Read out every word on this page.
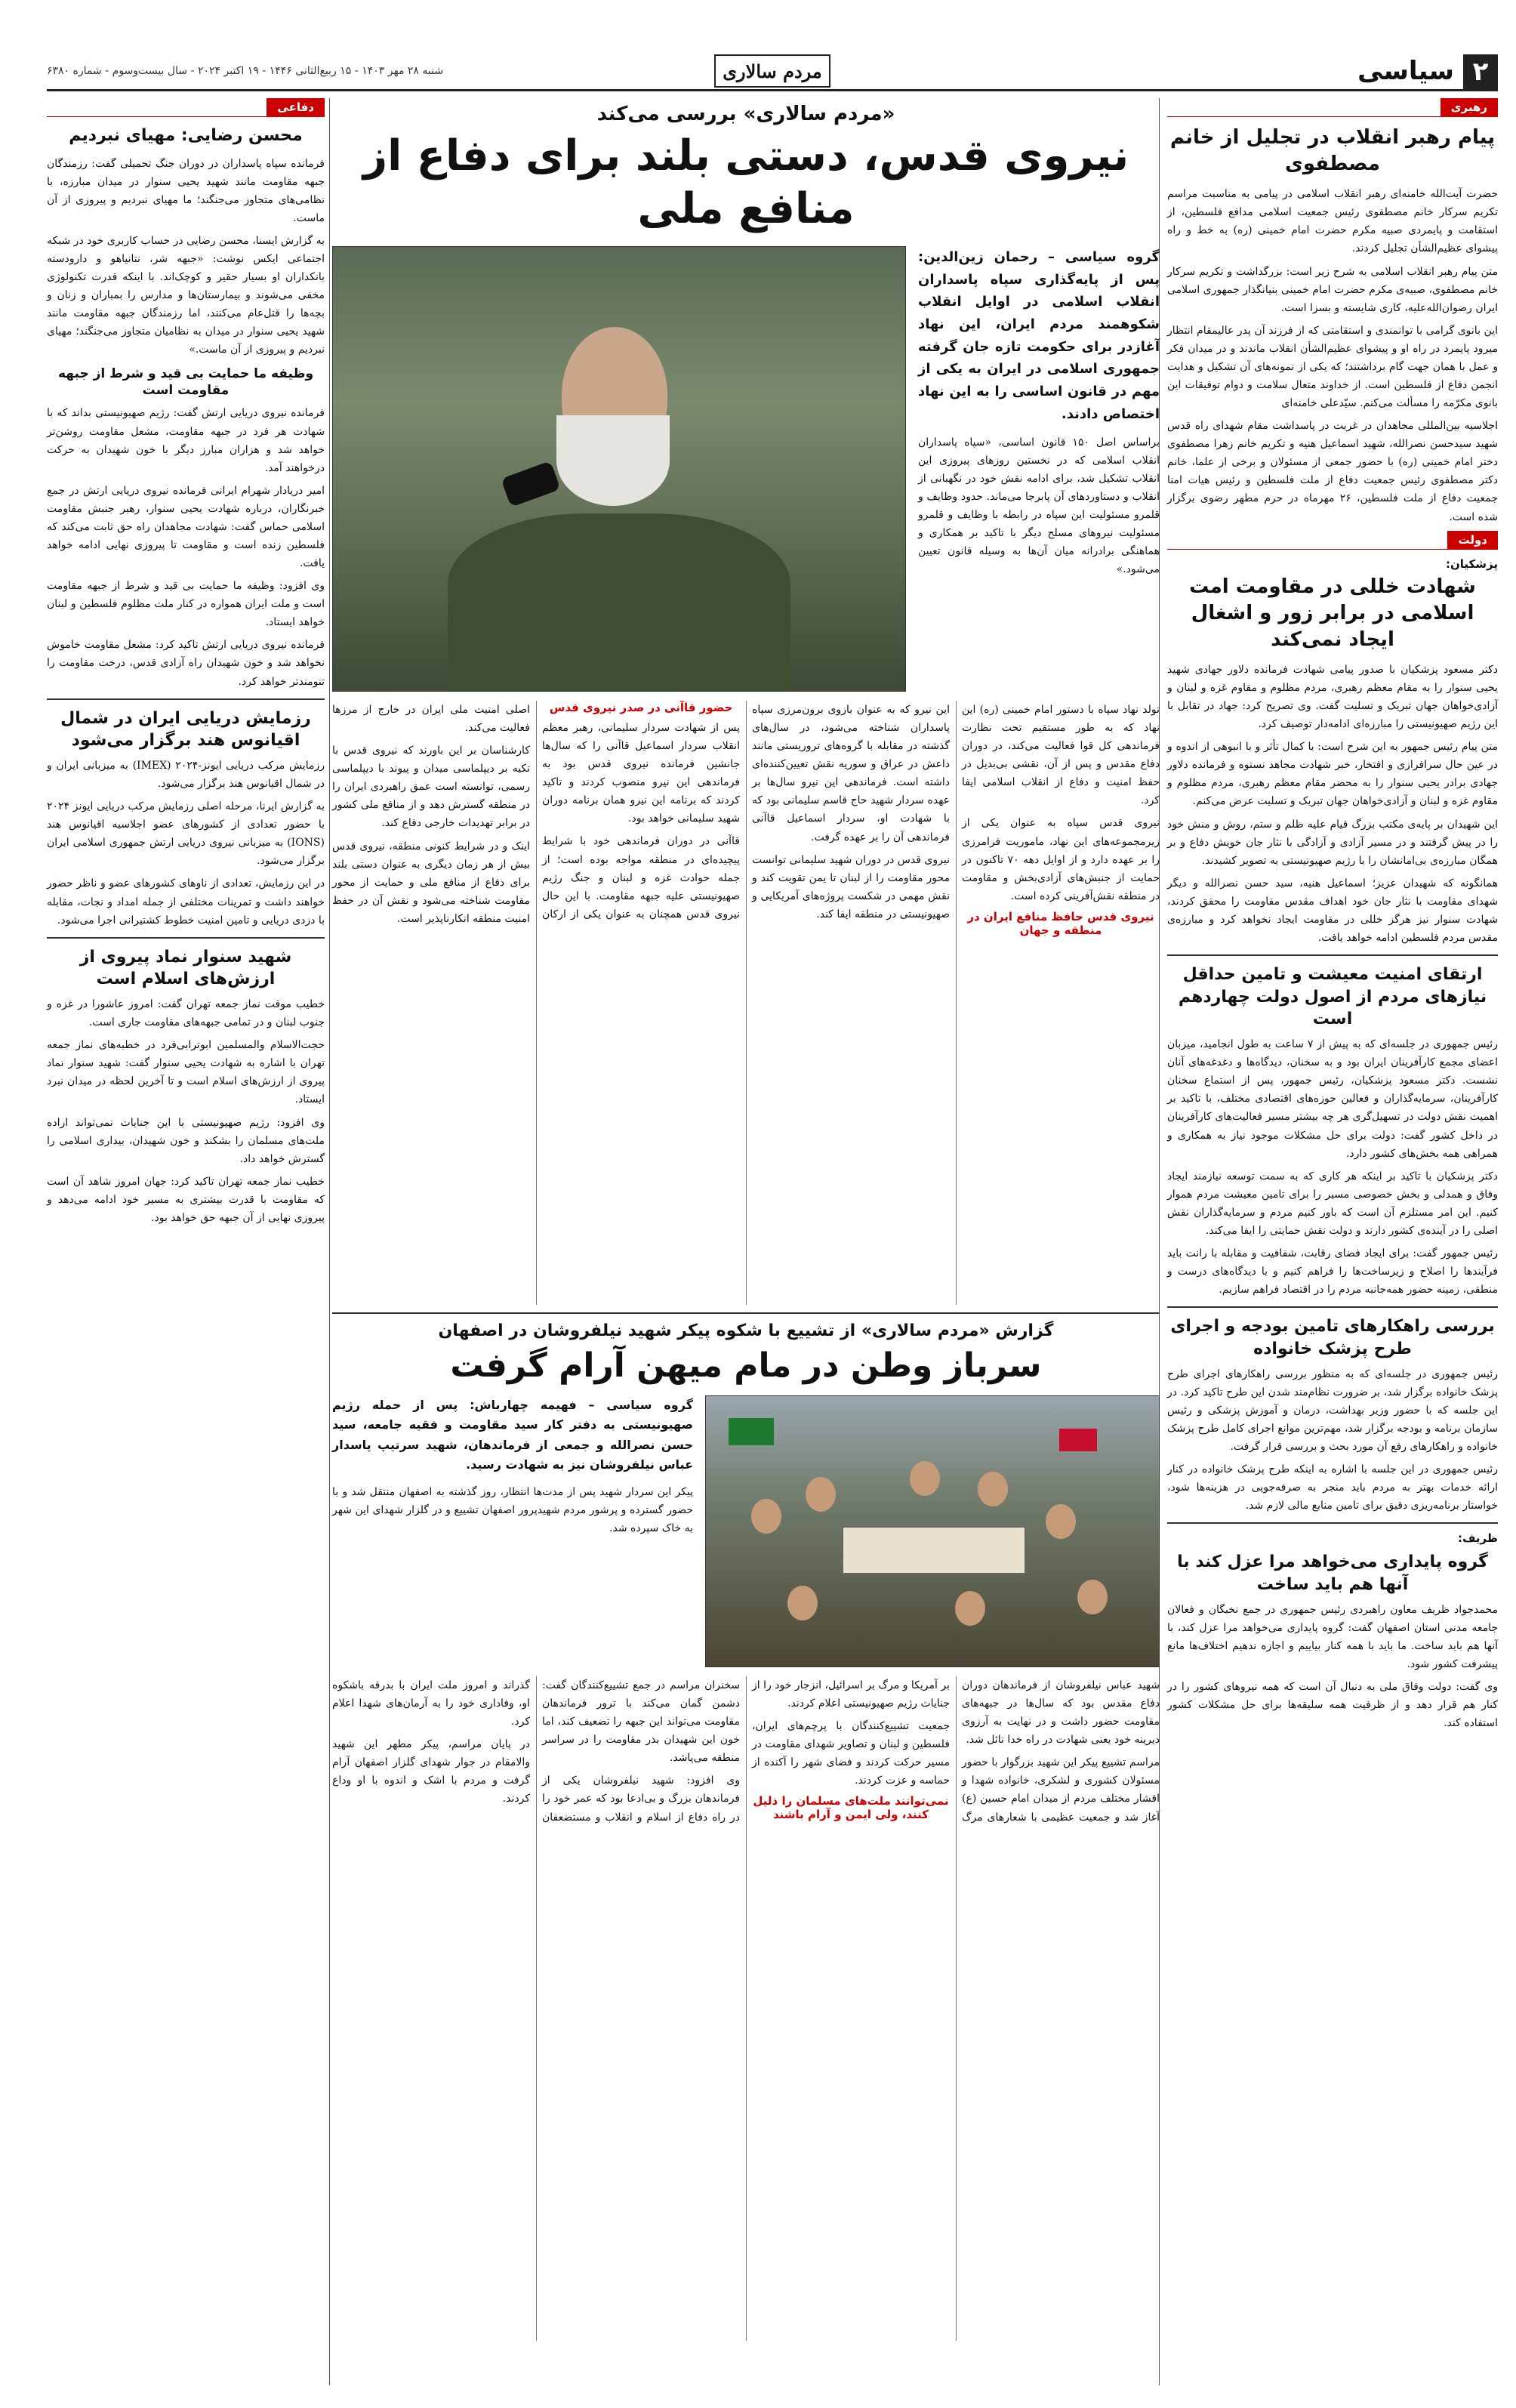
۲
سیاسی
مردم سالاری
شنبه ۲۸ مهر ۱۴۰۳ - ۱۵ ربیع‌الثانی ۱۴۴۶ - ۱۹ اکتبر ۲۰۲۴ - سال بیست‌وسوم - شماره ۶۳۸۰
رهبری
پیام رهبر انقلاب در تجلیل از خانم مصطفوی

حضرت آیت‌الله خامنه‌ای رهبر انقلاب اسلامی در پیامی به مناسبت مراسم تکریم سرکار خانم مصطفوی رئیس جمعیت اسلامی مدافع فلسطین، از استقامت و پایمردی صبیه مکرم حضرت امام خمینی (ره) به خط و راه پیشوای عظیم‌الشأن تجلیل کردند.

متن پیام رهبر انقلاب اسلامی به شرح زیر است: بزرگداشت و تکریم سرکار خانم مصطفوی، صبیه‌ی مکرم حضرت امام خمینی بنیانگذار جمهوری اسلامی ایران رضوان‌الله‌علیه، کاری شایسته و بسزا است.

این بانوی گرامی با توانمندی و استقامتی که از فرزند آن پدر عالیمقام انتظار میرود پایمرد در راه او و پیشوای عظیم‌الشأن انقلاب ماندند و در میدان فکر و عمل با همان جهت گام برداشتند؛ که یکی از نمونه‌های آن تشکیل و هدایت انجمن دفاع از فلسطین است. از خداوند متعال سلامت و دوام توفیقات این بانوی مکرّمه را مسألت می‌کنم. سیّدعلی خامنه‌ای

اجلاسیه بین‌المللی مجاهدان در غربت در پاسداشت مقام شهدای راه قدس شهید سیدحسن نصرالله، شهید اسماعیل هنیه و تکریم خانم زهرا مصطفوی دختر امام خمینی (ره) با حضور جمعی از مسئولان و برخی از علما، خانم دکتر مصطفوی رئیس جمعیت دفاع از ملت فلسطین و رئیس هیات امنا جمعیت دفاع از ملت فلسطین، ۲۶ مهرماه در حرم مطهر رضوی برگزار شده است.

دولت
پزشکیان:
شهادت خللی در مقاومت امت اسلامی در برابر زور و اشغال ایجاد نمی‌کند

دکتر مسعود پزشکیان با صدور پیامی شهادت فرمانده دلاور جهادی شهید یحیی سنوار را به مقام معظم رهبری، مردم مظلوم و مقاوم غزه و لبنان و آزادی‌خواهان جهان تبریک و تسلیت گفت. وی تصریح کرد: جهاد در تقابل با این رژیم صهیونیستی را مبارزه‌ای ادامه‌دار توصیف کرد.

متن پیام رئیس جمهور به این شرح است: با کمال تأثر و با انبوهی از اندوه و در عین حال سرافرازی و افتخار، خبر شهادت مجاهد نستوه و فرمانده دلاور جهادی برادر یحیی سنوار را به محضر مقام معظم رهبری، مردم مظلوم و مقاوم غزه و لبنان و آزادی‌خواهان جهان تبریک و تسلیت عرض می‌کنم.

این شهیدان بر پایه‌ی مکتب بزرگ قیام علیه ظلم و ستم، روش و منش خود را در پیش گرفتند و در مسیر آزادی و آزادگی با نثار جان خویش دفاع و بر همگان مبارزه‌ی بی‌امانشان را با رژیم صهیونیستی به تصویر کشیدند.

همانگونه که شهیدان عزیز؛ اسماعیل هنیه، سید حسن نصرالله و دیگر شهدای مقاومت با نثار جان خود اهداف مقدس مقاومت را محقق کردند، شهادت سنوار نیز هرگز خللی در مقاومت ایجاد نخواهد کرد و مبارزه‌ی مقدس مردم فلسطین ادامه خواهد یافت.

ارتقای امنیت معیشت و تامین حداقل نیازهای مردم از اصول دولت چهاردهم است

رئیس جمهوری در جلسه‌ای که به پیش از ۷ ساعت به طول انجامید، میزبان اعضای مجمع کارآفرینان ایران بود و به سخنان، دیدگاه‌ها و دغدغه‌های آنان نشست. دکتر مسعود پزشکیان، رئیس جمهور، پس از استماع سخنان کارآفرینان، سرمایه‌گذاران و فعالین حوزه‌های اقتصادی مختلف، با تاکید بر اهمیت نقش دولت در تسهیل‌گری هر چه بیشتر مسیر فعالیت‌های کارآفرینان در داخل کشور گفت: دولت برای حل مشکلات موجود نیاز به همکاری و همراهی همه بخش‌های کشور دارد.

دکتر پزشکیان با تاکید بر اینکه هر کاری که به سمت توسعه نیازمند ایجاد وفاق و همدلی و بخش خصوصی مسیر را برای تامین معیشت مردم هموار کنیم. این امر مستلزم آن است که باور کنیم مردم و سرمایه‌گذاران نقش اصلی را در آینده‌ی کشور دارند و دولت نقش حمایتی را ایفا می‌کند.

رئیس جمهور گفت: برای ایجاد فضای رقابت، شفافیت و مقابله با رانت باید فرآیندها را اصلاح و زیرساخت‌ها را فراهم کنیم و با دیدگاه‌های درست و منطقی، زمینه حضور همه‌جانبه مردم را در اقتصاد فراهم سازیم.

بررسی راهکارهای تامین بودجه و اجرای طرح پزشک خانواده

رئیس جمهوری در جلسه‌ای که به منظور بررسی راهکارهای اجرای طرح پزشک خانواده برگزار شد، بر ضرورت نظام‌مند شدن این طرح تاکید کرد. در این جلسه که با حضور وزیر بهداشت، درمان و آموزش پزشکی و رئیس سازمان برنامه و بودجه برگزار شد، مهم‌ترین موانع اجرای کامل طرح پزشک خانواده و راهکارهای رفع آن مورد بحث و بررسی قرار گرفت.

رئیس جمهوری در این جلسه با اشاره به اینکه طرح پزشک خانواده در کنار ارائه خدمات بهتر به مردم باید منجر به صرفه‌جویی در هزینه‌ها شود، خواستار برنامه‌ریزی دقیق برای تامین منابع مالی لازم شد.

ظریف:
گروه پایداری می‌خواهد مرا عزل کند با آنها هم باید ساخت

محمدجواد ظریف معاون راهبردی رئیس جمهوری در جمع نخبگان و فعالان جامعه مدنی استان اصفهان گفت: گروه پایداری می‌خواهد مرا عزل کند، با آنها هم باید ساخت. ما باید با همه کنار بیاییم و اجازه ندهیم اختلاف‌ها مانع پیشرفت کشور شود.

وی گفت: دولت وفاق ملی به دنبال آن است که همه نیروهای کشور را در کنار هم قرار دهد و از ظرفیت همه سلیقه‌ها برای حل مشکلات کشور استفاده کند.

دفاعی
محسن رضایی: مهیای نبردیم

فرمانده سپاه پاسداران در دوران جنگ تحمیلی گفت: رزمندگان جبهه مقاومت مانند شهید یحیی سنوار در میدان مبارزه، با نظامی‌های متجاوز می‌جنگند؛ ما مهیای نبردیم و پیروزی از آن ماست.

به گزارش ایسنا، محسن رضایی در حساب کاربری خود در شبکه اجتماعی ایکس نوشت: «جبهه شر، نتانیاهو و دارودسته بانکداران او بسیار حقیر و کوچک‌اند. با اینکه قدرت تکنولوژی مخفی می‌شوند و بیمارستان‌ها و مدارس را بمباران و زنان و بچه‌ها را قتل‌عام می‌کنند، اما رزمندگان جبهه مقاومت مانند شهید یحیی سنوار در میدان به نظامیان متجاوز می‌جنگند؛ مهیای نبردیم و پیروزی از آن ماست.»

وظیفه ما حمایت بی قید و شرط از جبهه مقاومت است

فرمانده نیروی دریایی ارتش گفت: رژیم صهیونیستی بداند که با شهادت هر فرد در جبهه مقاومت، مشعل مقاومت روشن‌تر خواهد شد و هزاران مبارز دیگر با خون شهیدان به حرکت درخواهند آمد.

امیر دریادار شهرام ایرانی فرمانده نیروی دریایی ارتش در جمع خبرنگاران، درباره شهادت یحیی سنوار، رهبر جنبش مقاومت اسلامی حماس گفت: شهادت مجاهدان راه حق ثابت می‌کند که فلسطین زنده است و مقاومت تا پیروزی نهایی ادامه خواهد یافت.

وی افزود: وظیفه ما حمایت بی قید و شرط از جبهه مقاومت است و ملت ایران همواره در کنار ملت مظلوم فلسطین و لبنان خواهد ایستاد.

فرمانده نیروی دریایی ارتش تاکید کرد: مشعل مقاومت خاموش نخواهد شد و خون شهیدان راه آزادی قدس، درخت مقاومت را تنومندتر خواهد کرد.

رزمایش دریایی ایران در شمال اقیانوس هند برگزار می‌شود

رزمایش مرکب دریایی ایونز-۲۰۲۴ (IMEX) به میزبانی ایران و در شمال اقیانوس هند برگزار می‌شود.

به گزارش ایرنا، مرحله اصلی رزمایش مرکب دریایی ایونز ۲۰۲۴ با حضور تعدادی از کشورهای عضو اجلاسیه اقیانوس هند (IONS) به میزبانی نیروی دریایی ارتش جمهوری اسلامی ایران برگزار می‌شود.

در این رزمایش، تعدادی از ناوهای کشورهای عضو و ناظر حضور خواهند داشت و تمرینات مختلفی از جمله امداد و نجات، مقابله با دزدی دریایی و تامین امنیت خطوط کشتیرانی اجرا می‌شود.

شهید سنوار نماد پیروی از ارزش‌های اسلام است

خطیب موقت نماز جمعه تهران گفت: امروز عاشورا در غزه و جنوب لبنان و در تمامی جبهه‌های مقاومت جاری است.

حجت‌الاسلام والمسلمین ابوترابی‌فرد در خطبه‌های نماز جمعه تهران با اشاره به شهادت یحیی سنوار گفت: شهید سنوار نماد پیروی از ارزش‌های اسلام است و تا آخرین لحظه در میدان نبرد ایستاد.

وی افزود: رژیم صهیونیستی با این جنایات نمی‌تواند اراده ملت‌های مسلمان را بشکند و خون شهیدان، بیداری اسلامی را گسترش خواهد داد.

خطیب نماز جمعه تهران تاکید کرد: جهان امروز شاهد آن است که مقاومت با قدرت بیشتری به مسیر خود ادامه می‌دهد و پیروزی نهایی از آن جبهه حق خواهد بود.

«مردم سالاری» بررسی می‌کند
نیروی قدس، دستی بلند برای دفاع از منافع ملی

گروه سیاسی – رحمان زین‌الدین: پس از پایه‌گذاری سپاه پاسداران انقلاب اسلامی در اوایل انقلاب شکوهمند مردم ایران، این نهاد آغازدر برای حکومت تازه جان گرفته جمهوری اسلامی در ایران به یکی از مهم در قانون اساسی را به این نهاد اختصاص دادند.

براساس اصل ۱۵۰ قانون اساسی، «سپاه پاسداران انقلاب اسلامی که در نخستین روزهای پیروزی این انقلاب تشکیل شد، برای ادامه نقش خود در نگهبانی از انقلاب و دستاوردهای آن پابرجا می‌ماند. حدود وظایف و قلمرو مسئولیت این سپاه در رابطه با وظایف و قلمرو مسئولیت نیروهای مسلح دیگر با تاکید بر همکاری و هماهنگی برادرانه میان آن‌ها به وسیله قانون تعیین می‌شود.»

تولد نهاد سپاه با دستور امام خمینی (ره) این نهاد که به طور مستقیم تحت نظارت فرماندهی کل قوا فعالیت می‌کند، در دوران دفاع مقدس و پس از آن، نقشی بی‌بدیل در حفظ امنیت و دفاع از انقلاب اسلامی ایفا کرد.

نیروی قدس سپاه به عنوان یکی از زیرمجموعه‌های این نهاد، ماموریت فرامرزی را بر عهده دارد و از اوایل دهه ۷۰ تاکنون در حمایت از جنبش‌های آزادی‌بخش و مقاومت در منطقه نقش‌آفرینی کرده است.

نیروی قدس حافظ منافع ایران در منطقه و جهان

این نیرو که به عنوان بازوی برون‌مرزی سپاه پاسداران شناخته می‌شود، در سال‌های گذشته در مقابله با گروه‌های تروریستی مانند داعش در عراق و سوریه نقش تعیین‌کننده‌ای داشته است. فرماندهی این نیرو سال‌ها بر عهده سردار شهید حاج قاسم سلیمانی بود که با شهادت او، سردار اسماعیل قاآنی فرماندهی آن را بر عهده گرفت.

نیروی قدس در دوران شهید سلیمانی توانست محور مقاومت را از لبنان تا یمن تقویت کند و نقش مهمی در شکست پروژه‌های آمریکایی و صهیونیستی در منطقه ایفا کند.

حضور قاآنی در صدر نیروی قدس

پس از شهادت سردار سلیمانی، رهبر معظم انقلاب سردار اسماعیل قاآنی را که سال‌ها جانشین فرمانده نیروی قدس بود به فرماندهی این نیرو منصوب کردند و تاکید کردند که برنامه این نیرو همان برنامه دوران شهید سلیمانی خواهد بود.

قاآنی در دوران فرماندهی خود با شرایط پیچیده‌ای در منطقه مواجه بوده است؛ از جمله حوادث غزه و لبنان و جنگ رژیم صهیونیستی علیه جبهه مقاومت. با این حال نیروی قدس همچنان به عنوان یکی از ارکان اصلی امنیت ملی ایران در خارج از مرزها فعالیت می‌کند.

کارشناسان بر این باورند که نیروی قدس با تکیه بر دیپلماسی میدان و پیوند با دیپلماسی رسمی، توانسته است عمق راهبردی ایران را در منطقه گسترش دهد و از منافع ملی کشور در برابر تهدیدات خارجی دفاع کند.

اینک و در شرایط کنونی منطقه، نیروی قدس بیش از هر زمان دیگری به عنوان دستی بلند برای دفاع از منافع ملی و حمایت از محور مقاومت شناخته می‌شود و نقش آن در حفظ امنیت منطقه انکارناپذیر است.

گزارش «مردم سالاری» از تشییع با شکوه پیکر شهید نیلفروشان در اصفهان
سرباز وطن در مام میهن آرام گرفت

گروه سیاسی – فهیمه چهارباش: پس از حمله رژیم صهیونیستی به دفتر کار سید مقاومت و فقیه جامعه، سید حسن نصرالله و جمعی از فرماندهان، شهید سرتیپ پاسدار عباس نیلفروشان نیز به شهادت رسید.

پیکر این سردار شهید پس از مدت‌ها انتظار، روز گذشته به اصفهان منتقل شد و با حضور گسترده و پرشور مردم شهید‌پرور اصفهان تشییع و در گلزار شهدای این شهر به خاک سپرده شد.

شهید عباس نیلفروشان از فرماندهان دوران دفاع مقدس بود که سال‌ها در جبهه‌های مقاومت حضور داشت و در نهایت به آرزوی دیرینه خود یعنی شهادت در راه خدا نائل شد.

مراسم تشییع پیکر این شهید بزرگوار با حضور مسئولان کشوری و لشکری، خانواده شهدا و اقشار مختلف مردم از میدان امام حسین (ع) آغاز شد و جمعیت عظیمی با شعارهای مرگ بر آمریکا و مرگ بر اسرائیل، انزجار خود را از جنایات رژیم صهیونیستی اعلام کردند.

جمعیت تشییع‌کنندگان با پرچم‌های ایران، فلسطین و لبنان و تصاویر شهدای مقاومت در مسیر حرکت کردند و فضای شهر را آکنده از حماسه و عزت کردند.

نمی‌توانند ملت‌های مسلمان را ذلیل کنند، ولی ایمن و آرام باشند

سخنران مراسم در جمع تشییع‌کنندگان گفت: دشمن گمان می‌کند با ترور فرماندهان مقاومت می‌تواند این جبهه را تضعیف کند، اما خون این شهیدان بذر مقاومت را در سراسر منطقه می‌پاشد.

وی افزود: شهید نیلفروشان یکی از فرماندهان بزرگ و بی‌ادعا بود که عمر خود را در راه دفاع از اسلام و انقلاب و مستضعفان گذراند و امروز ملت ایران با بدرقه باشکوه او، وفاداری خود را به آرمان‌های شهدا اعلام کرد.

در پایان مراسم، پیکر مطهر این شهید والامقام در جوار شهدای گلزار اصفهان آرام گرفت و مردم با اشک و اندوه با او وداع کردند.
